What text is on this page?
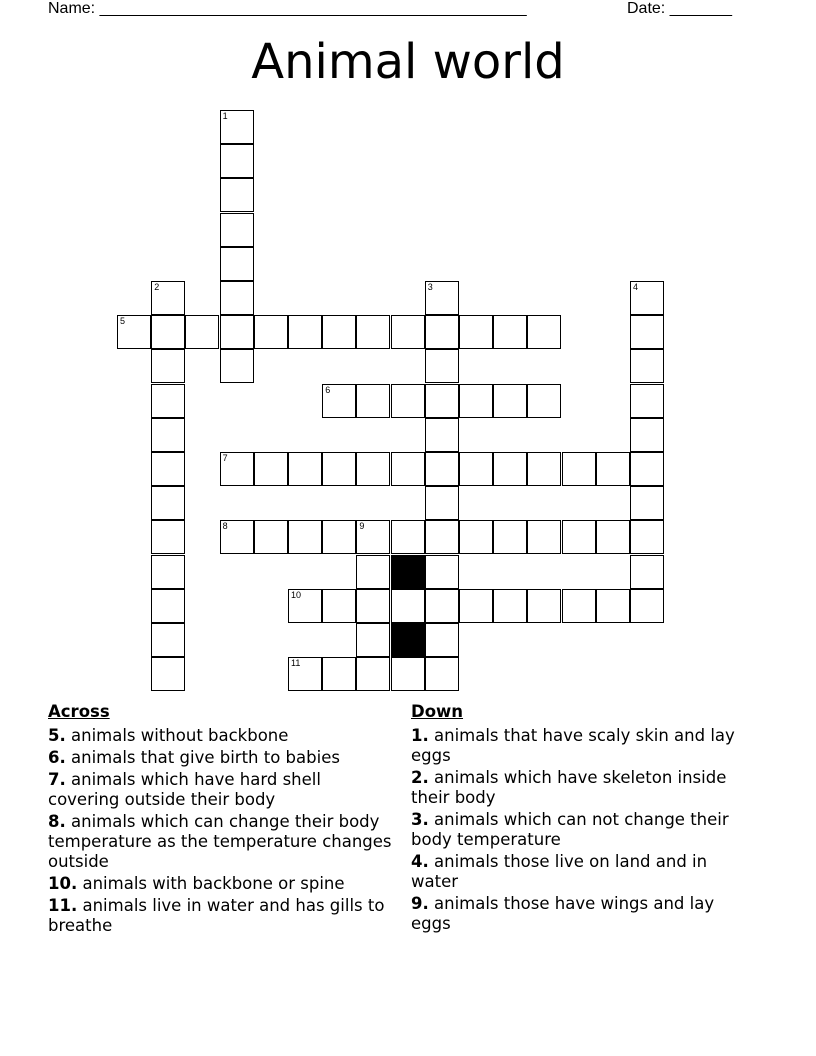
Name: ________________________________________________	Date: _______
Animal world
1
2	3	4
5
6
7
8	9
10
11
Across
5. animals without backbone
6. animals that give birth to babies
7. animals which have hard shell covering outside their body
8. animals which can change their body temperature as the temperature changes outside
10. animals with backbone or spine
11. animals live in water and has gills to breathe
Down
1. animals that have scaly skin and lay eggs
2. animals which have skeleton inside their body
3. animals which can not change their body temperature
4. animals those live on land and in water
9. animals those have wings and lay eggs
